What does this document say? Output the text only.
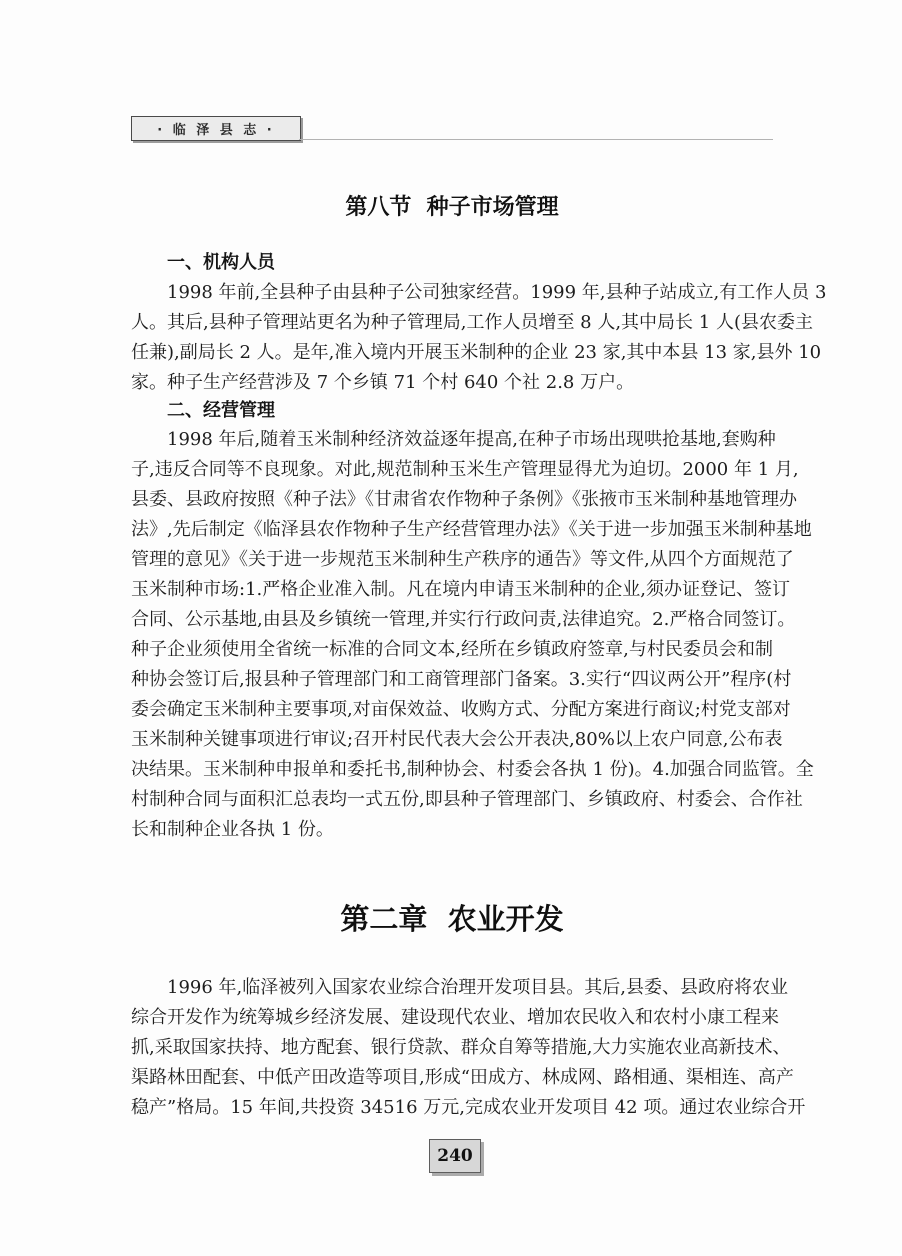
· 临 泽 县 志 ·
第八节  种子市场管理
一、机构人员
1998 年前,全县种子由县种子公司独家经营。1999 年,县种子站成立,有工作人员 3
人。其后,县种子管理站更名为种子管理局,工作人员增至 8 人,其中局长 1 人(县农委主
任兼),副局长 2 人。是年,准入境内开展玉米制种的企业 23 家,其中本县 13 家,县外 10
家。种子生产经营涉及 7 个乡镇 71 个村 640 个社 2.8 万户。
二、经营管理
1998 年后,随着玉米制种经济效益逐年提高,在种子市场出现哄抢基地,套购种
子,违反合同等不良现象。对此,规范制种玉米生产管理显得尤为迫切。2000 年 1 月,
县委、县政府按照《种子法》《甘肃省农作物种子条例》《张掖市玉米制种基地管理办
法》,先后制定《临泽县农作物种子生产经营管理办法》《关于进一步加强玉米制种基地
管理的意见》《关于进一步规范玉米制种生产秩序的通告》等文件,从四个方面规范了
玉米制种市场:1.严格企业准入制。凡在境内申请玉米制种的企业,须办证登记、签订
合同、公示基地,由县及乡镇统一管理,并实行行政问责,法律追究。2.严格合同签订。
种子企业须使用全省统一标准的合同文本,经所在乡镇政府签章,与村民委员会和制
种协会签订后,报县种子管理部门和工商管理部门备案。3.实行“四议两公开”程序(村
委会确定玉米制种主要事项,对亩保效益、收购方式、分配方案进行商议;村党支部对
玉米制种关键事项进行审议;召开村民代表大会公开表决,80%以上农户同意,公布表
决结果。玉米制种申报单和委托书,制种协会、村委会各执 1 份)。4.加强合同监管。全
村制种合同与面积汇总表均一式五份,即县种子管理部门、乡镇政府、村委会、合作社
长和制种企业各执 1 份。
第二章  农业开发
1996 年,临泽被列入国家农业综合治理开发项目县。其后,县委、县政府将农业
综合开发作为统筹城乡经济发展、建设现代农业、增加农民收入和农村小康工程来
抓,采取国家扶持、地方配套、银行贷款、群众自筹等措施,大力实施农业高新技术、
渠路林田配套、中低产田改造等项目,形成“田成方、林成网、路相通、渠相连、高产
稳产”格局。15 年间,共投资 34516 万元,完成农业开发项目 42 项。通过农业综合开
240
